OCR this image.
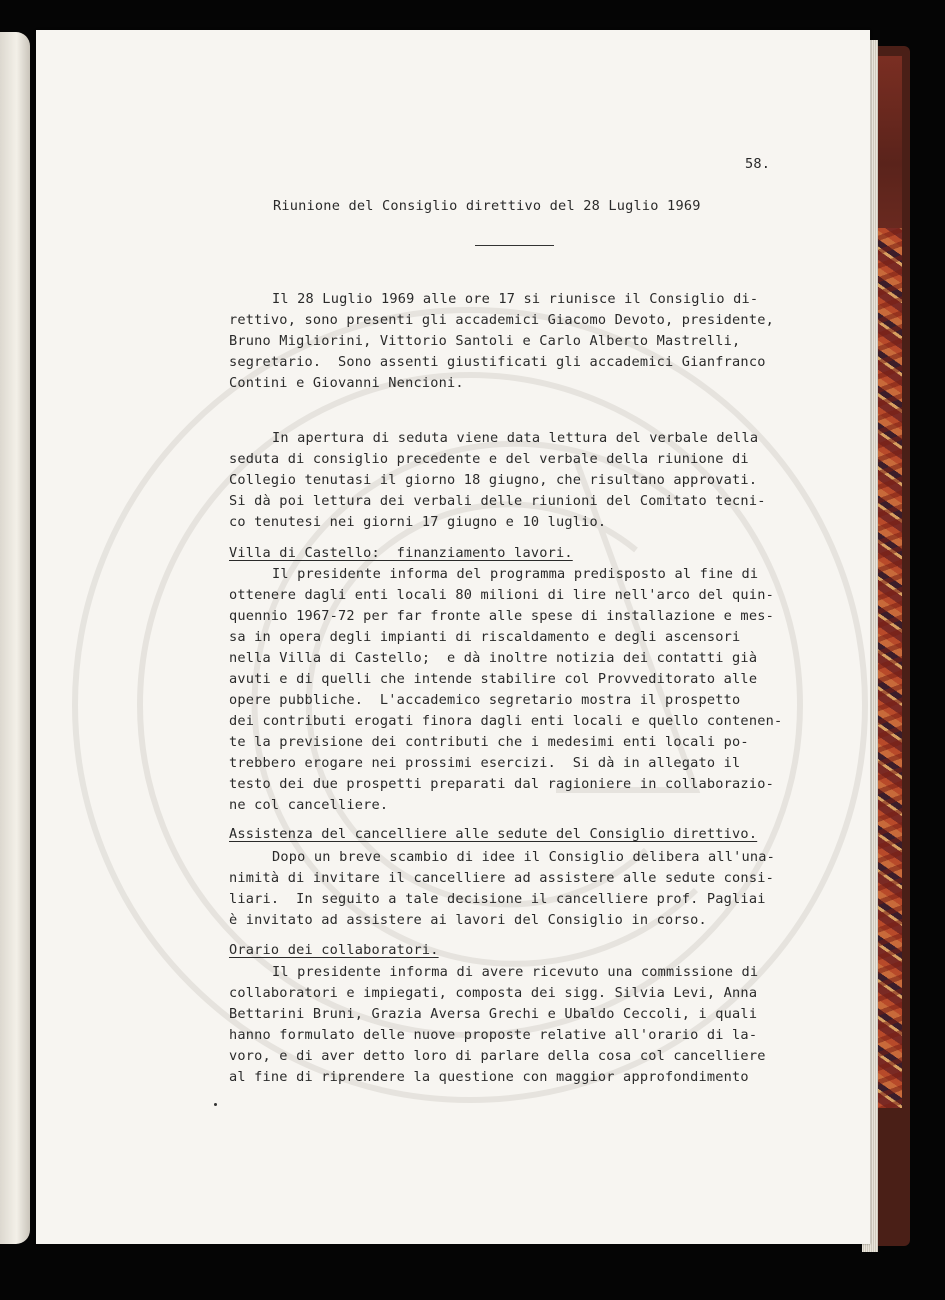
58.
Riunione del Consiglio direttivo del 28 Luglio 1969
Il 28 Luglio 1969 alle ore 17 si riunisce il Consiglio di-
rettivo, sono presenti gli accademici Giacomo Devoto, presidente,
Bruno Migliorini, Vittorio Santoli e Carlo Alberto Mastrelli,
segretario.  Sono assenti giustificati gli accademici Gianfranco
Contini e Giovanni Nencioni.
In apertura di seduta viene data lettura del verbale della
seduta di consiglio precedente e del verbale della riunione di
Collegio tenutasi il giorno 18 giugno, che risultano approvati.
Si dà poi lettura dei verbali delle riunioni del Comitato tecni-
co tenutesi nei giorni 17 giugno e 10 luglio.
Villa di Castello:  finanziamento lavori.
Il presidente informa del programma predisposto al fine di
ottenere dagli enti locali 80 milioni di lire nell'arco del quin-
quennio 1967-72 per far fronte alle spese di installazione e mes-
sa in opera degli impianti di riscaldamento e degli ascensori
nella Villa di Castello;  e dà inoltre notizia dei contatti già
avuti e di quelli che intende stabilire col Provveditorato alle
opere pubbliche.  L'accademico segretario mostra il prospetto
dei contributi erogati finora dagli enti locali e quello contenen-
te la previsione dei contributi che i medesimi enti locali po-
trebbero erogare nei prossimi esercizi.  Si dà in allegato il
testo dei due prospetti preparati dal ragioniere in collaborazio-
ne col cancelliere.
Assistenza del cancelliere alle sedute del Consiglio direttivo.
Dopo un breve scambio di idee il Consiglio delibera all'una-
nimità di invitare il cancelliere ad assistere alle sedute consi-
liari.  In seguito a tale decisione il cancelliere prof. Pagliai
è invitato ad assistere ai lavori del Consiglio in corso.
Orario dei collaboratori.
Il presidente informa di avere ricevuto una commissione di
collaboratori e impiegati, composta dei sigg. Silvia Levi, Anna
Bettarini Bruni, Grazia Aversa Grechi e Ubaldo Ceccoli, i quali
hanno formulato delle nuove proposte relative all'orario di la-
voro, e di aver detto loro di parlare della cosa col cancelliere
al fine di riprendere la questione con maggior approfondimento
